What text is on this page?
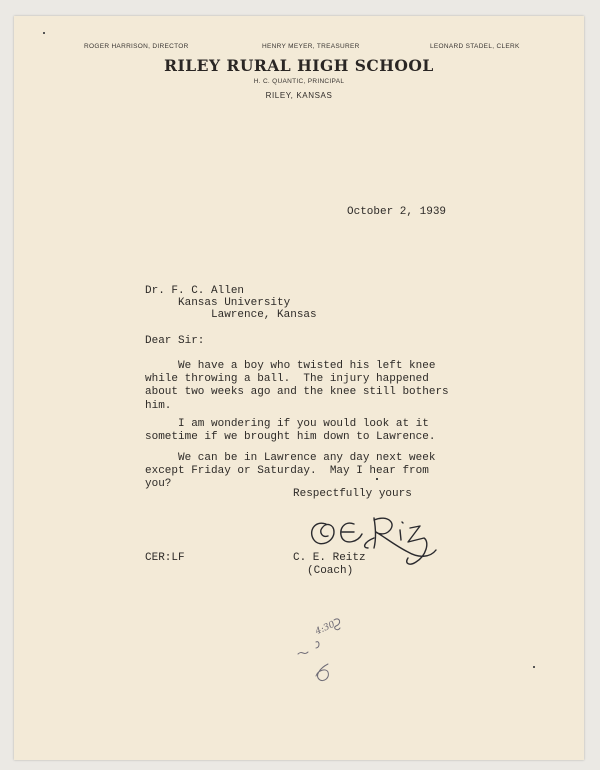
ROGER HARRISON, DIRECTOR	HENRY MEYER, TREASURER	LEONARD STADEL, CLERK
RILEY RURAL HIGH SCHOOL
H. C. QUANTIC, PRINCIPAL
RILEY, KANSAS
October 2, 1939
Dr. F. C. Allen
Kansas University
Lawrence, Kansas
Dear Sir:
We have a boy who twisted his left knee
while throwing a ball.  The injury happened
about two weeks ago and the knee still bothers
him.
I am wondering if you would look at it
sometime if we brought him down to Lawrence.
We can be in Lawrence any day next week
except Friday or Saturday.  May I hear from
you?
Respectfully yours
CER:LF	C. E. Reitz
(Coach)
4:30
